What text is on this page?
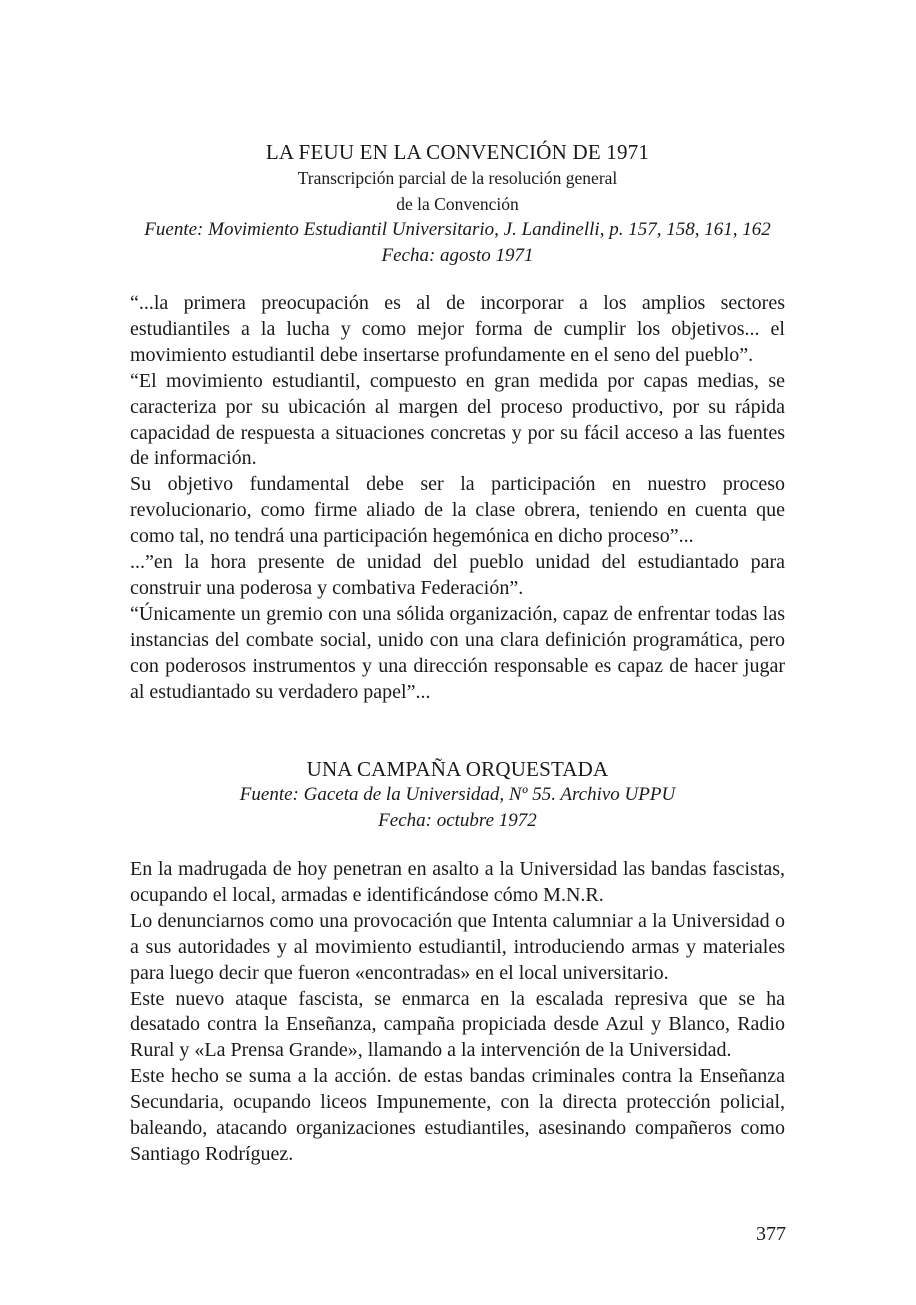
LA FEUU EN LA CONVENCIÓN DE 1971
Transcripción parcial de la resolución general
de la Convención
Fuente: Movimiento Estudiantil Universitario, J. Landinelli, p. 157, 158, 161, 162
Fecha: agosto 1971

“...la primera preocupación es al de incorporar a los amplios sectores estudiantiles a la lucha y como mejor forma de cumplir los objetivos... el movimiento estudiantil debe insertarse profundamente en el seno del pueblo”.

“El movimiento estudiantil, compuesto en gran medida por capas medias, se caracteriza por su ubicación al margen del proceso productivo, por su rápida capacidad de respuesta a situaciones concretas y por su fácil acceso a las fuentes de información.

Su objetivo fundamental debe ser la participación en nuestro proceso revolucionario, como firme aliado de la clase obrera, teniendo en cuenta que como tal, no tendrá una participación hegemónica en dicho proceso”...

...”en la hora presente de unidad del pueblo unidad del estudiantado para construir una poderosa y combativa Federación”.

“Únicamente un gremio con una sólida organización, capaz de enfrentar todas las instancias del combate social, unido con una clara definición programática, pero con poderosos instrumentos y una dirección responsable es capaz de hacer jugar al estudiantado su verdadero papel”...

UNA CAMPAÑA ORQUESTADA
Fuente: Gaceta de la Universidad, Nº 55. Archivo UPPU
Fecha: octubre 1972

En la madrugada de hoy penetran en asalto a la Universidad las bandas fascistas, ocupando el local, armadas e identificándose cómo M.N.R.

Lo denunciarnos como una provocación que Intenta calumniar a la Universidad o a sus autoridades y al movimiento estudiantil, introduciendo armas y materiales para luego decir que fueron «encontradas» en el local universitario.

Este nuevo ataque fascista, se enmarca en la escalada represiva que se ha desatado contra la Enseñanza, campaña propiciada desde Azul y Blanco, Radio Rural y «La Prensa Grande», llamando a la intervención de la Universidad.

Este hecho se suma a la acción. de estas bandas criminales contra la Enseñanza Secundaria, ocupando liceos Impunemente, con la directa protección policial, baleando, atacando organizaciones estudiantiles, asesinando compañeros como Santiago Rodríguez.

377
